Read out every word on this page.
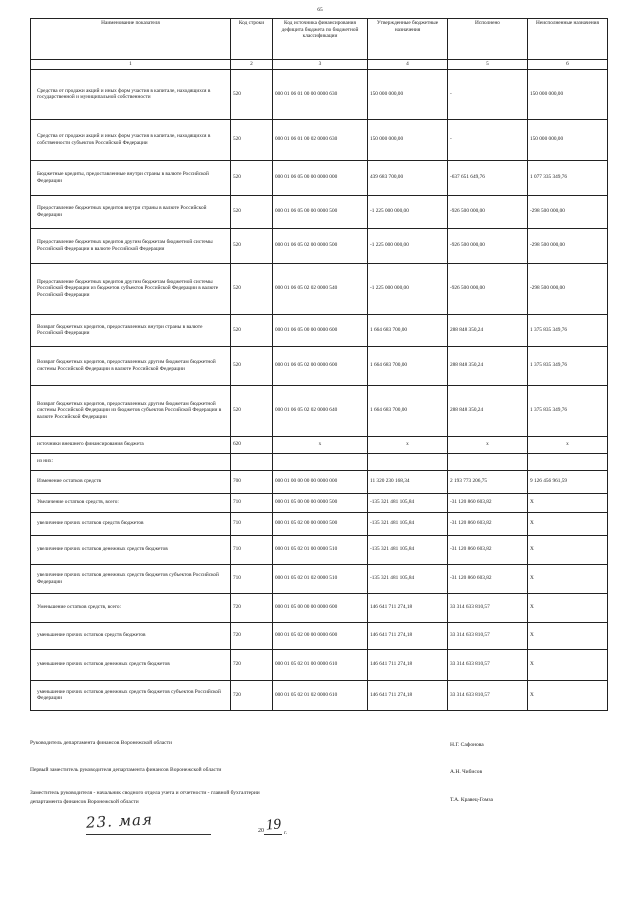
65
Наименование показателя	Код строки	Код источника финансирования дефицита бюджета по бюджетной классификации	Утвержденные бюджетные назначения	Исполнено	Неисполненные назначения
1	2	3	4	5	6

Средства от продажи акций и иных форм участия в капитале, находящихся в государственной и муниципальной собственности	520	000 01 06 01 00 00 0000 630	150 000 000,00	-	150 000 000,00

Средства от продажи акций и иных форм участия в капитале, находящихся в собственности субъектов Российской Федерации	520	000 01 06 01 00 02 0000 630	150 000 000,00	-	150 000 000,00

Бюджетные кредиты, предоставленные внутри страны в валюте Российской Федерации	520	000 01 06 05 00 00 0000 000	439 683 700,00	-637 651 649,76	1 077 335 349,76

Предоставление бюджетных кредитов внутри страны в валюте Российской Федерации	520	000 01 06 05 00 00 0000 500	-1 225 000 000,00	-926 500 000,00	-298 500 000,00

Предоставление бюджетных кредитов другим бюджетам бюджетной системы Российской Федерации в валюте Российской Федерации	520	000 01 06 05 02 00 0000 500	-1 225 000 000,00	-926 500 000,00	-298 500 000,00

Предоставление бюджетных кредитов другим бюджетам бюджетной системы Российской Федерации из бюджетов субъектов Российской Федерации в валюте Российской Федерации	520	000 01 06 05 02 02 0000 540	-1 225 000 000,00	-926 500 000,00	-298 500 000,00

Возврат бюджетных кредитов, предоставленных внутри страны в валюте Российской Федерации	520	000 01 06 05 00 00 0000 600	1 664 683 700,00	288 848 350,24	1 375 835 349,76

Возврат бюджетных кредитов, предоставленных другим бюджетам бюджетной системы Российской Федерации в валюте Российской Федерации	520	000 01 06 05 02 00 0000 600	1 664 683 700,00	288 848 350,24	1 375 835 349,76

Возврат бюджетных кредитов, предоставленных другим бюджетам бюджетной системы Российской Федерации из бюджетов субъектов Российской Федерации в валюте Российской Федерации	520	000 01 06 05 02 02 0000 640	1 664 683 700,00	288 848 350,24	1 375 835 349,76

источники внешнего финансирования бюджета	620	x	x	x	x

из них:					

Изменение остатков средств	700	000 01 00 00 00 00 0000 000	11 320 230 168,34	2 193 773 206,75	9 126 456 961,59

Увеличение остатков средств, всего:	710	000 01 05 00 00 00 0000 500	-135 321 481 105,84	-31 120 860 603,82	X

увеличение прочих остатков средств бюджетов	710	000 01 05 02 00 00 0000 500	-135 321 481 105,84	-31 120 860 603,82	X

увеличение прочих остатков денежных средств бюджетов	710	000 01 05 02 01 00 0000 510	-135 321 481 105,84	-31 120 860 603,82	X

увеличение прочих остатков денежных средств бюджетов субъектов Российской Федерации	710	000 01 05 02 01 02 0000 510	-135 321 481 105,84	-31 120 860 603,82	X

Уменьшение остатков средств, всего:	720	000 01 05 00 00 00 0000 600	146 641 711 274,18	33 314 633 810,57	X

уменьшение прочих остатков средств бюджетов	720	000 01 05 02 00 00 0000 600	146 641 711 274,18	33 314 633 810,57	X

уменьшение прочих остатков денежных средств бюджетов	720	000 01 05 02 01 00 0000 610	146 641 711 274,18	33 314 633 810,57	X

уменьшение прочих остатков денежных средств бюджетов субъектов Российской Федерации	720	000 01 05 02 01 02 0000 610	146 641 711 274,18	33 314 633 810,57	X
Руководитель департамента финансов Воронежской области	Н.Г. Сафонова
Первый заместитель руководителя департамента финансов Воронежской области	А.Н. Чибисов
Заместитель руководителя - начальник сводного отдела учета и отчетности - главной бухгалтерии
департамента финансов Воронежской области	Т.А. Кравец-Гомза
23. мая	20 19 г.
